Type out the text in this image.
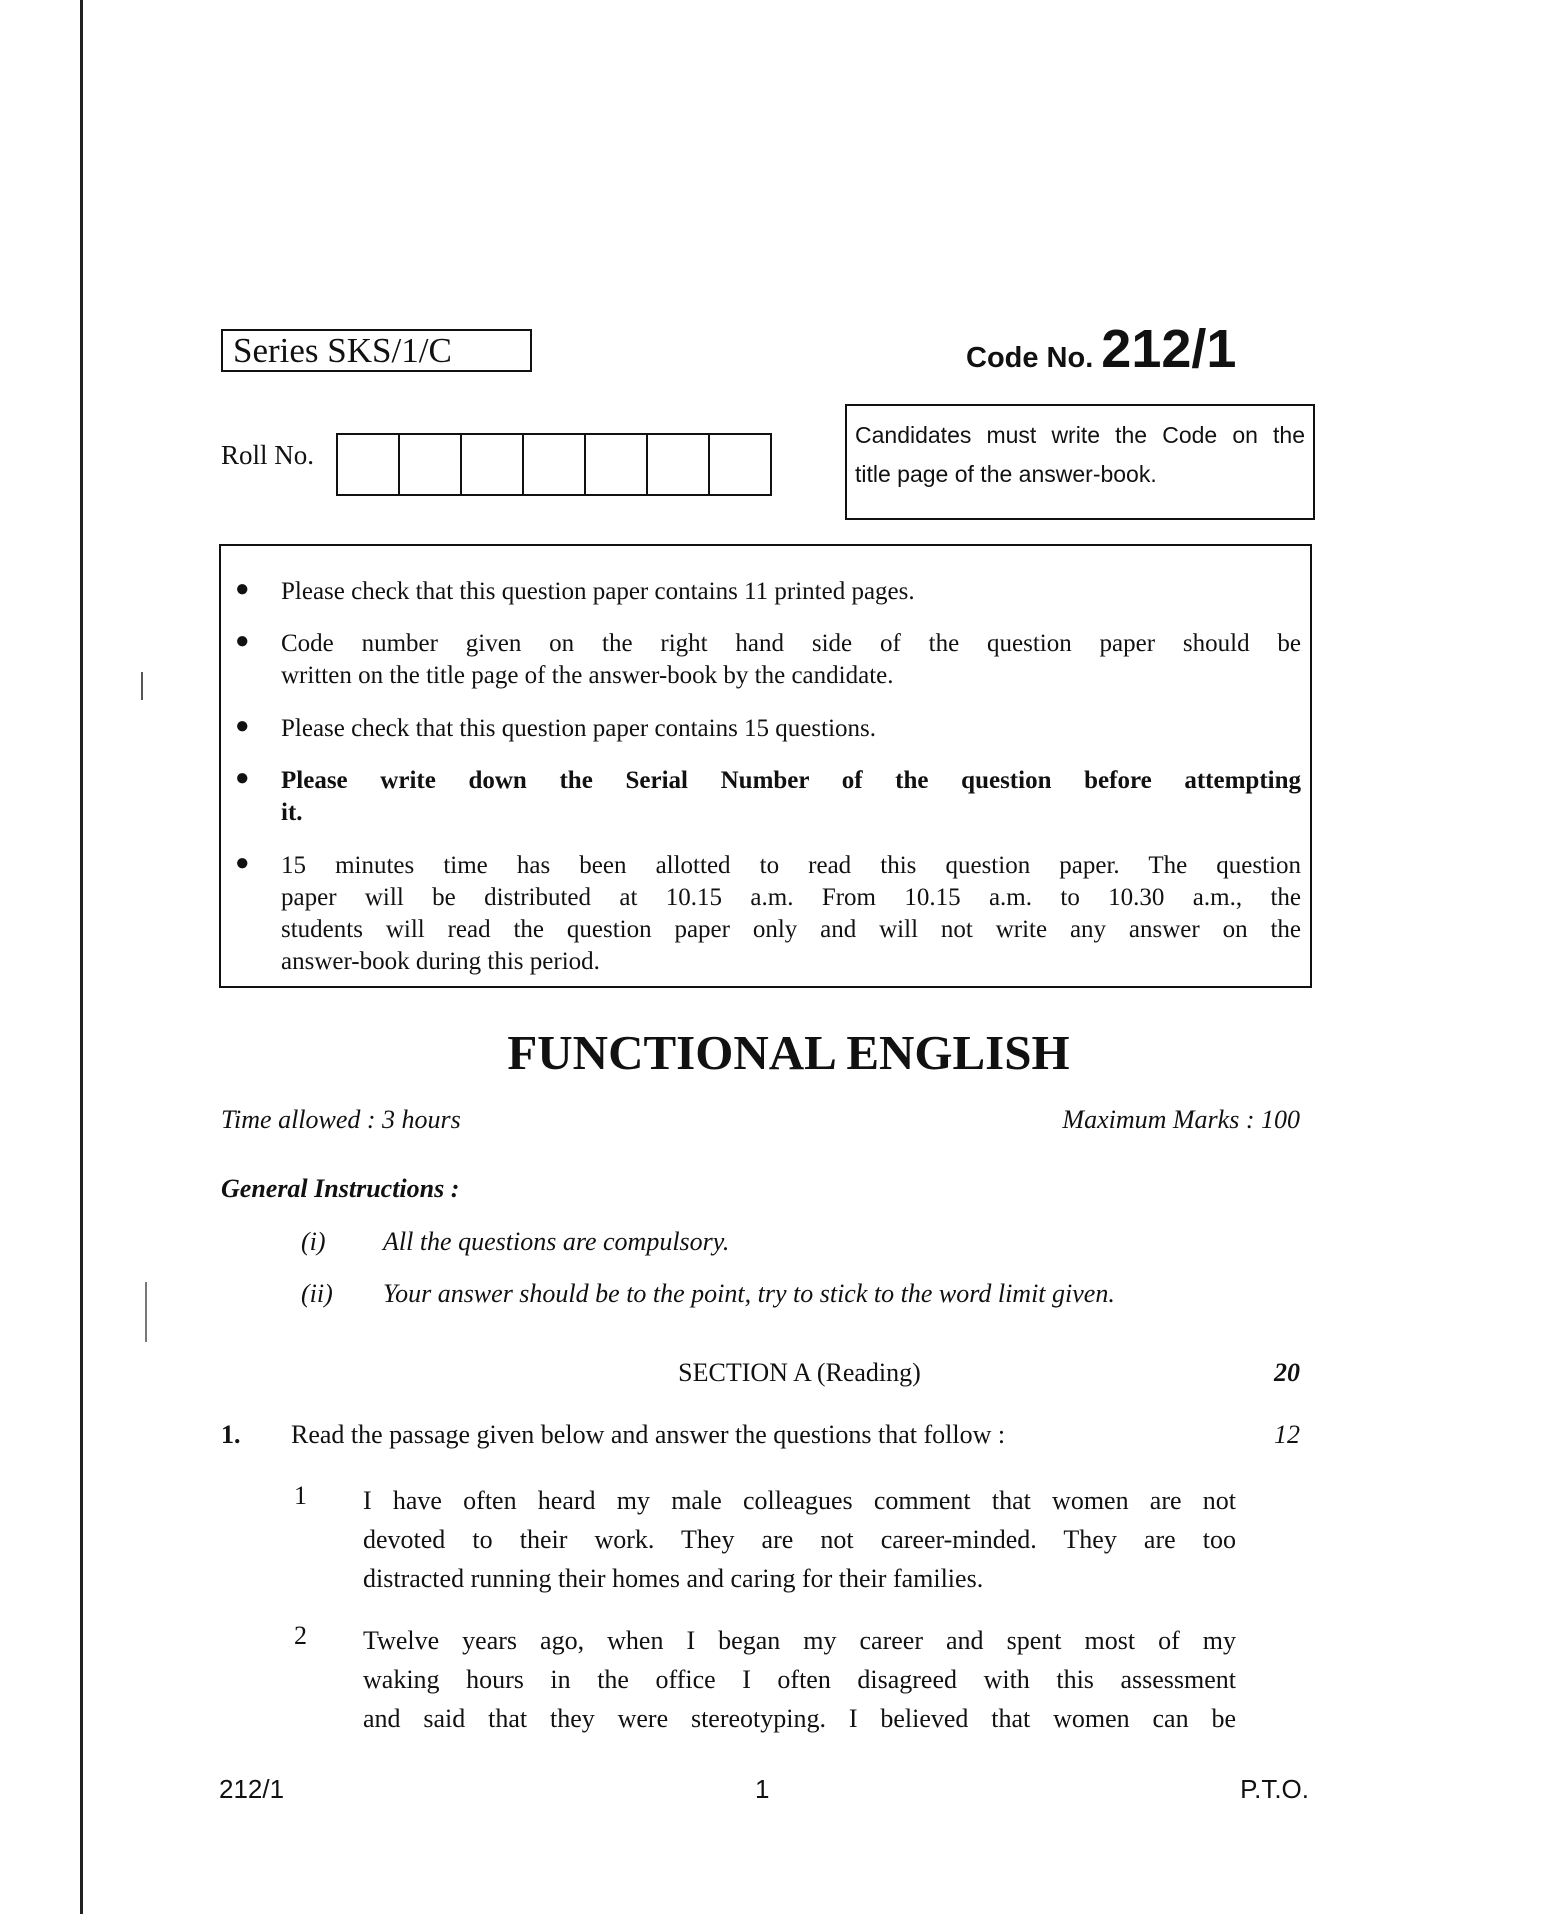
Series SKS/1/C	Code No. 212/1
Roll No.
Candidates must write the Code on the
title page of the answer-book.
● Please check that this question paper contains 11 printed pages.
● Code number given on the right hand side of the question paper should be
written on the title page of the answer-book by the candidate.
● Please check that this question paper contains 15 questions.
● Please write down the Serial Number of the question before attempting
it.
● 15 minutes time has been allotted to read this question paper. The question
paper will be distributed at 10.15 a.m. From 10.15 a.m. to 10.30 a.m., the
students will read the question paper only and will not write any answer on the
answer-book during this period.
FUNCTIONAL ENGLISH
Time allowed : 3 hours	Maximum Marks : 100
General Instructions :
(i) All the questions are compulsory.
(ii) Your answer should be to the point, try to stick to the word limit given.
SECTION A (Reading)	20
1. Read the passage given below and answer the questions that follow :	12
1 I have often heard my male colleagues comment that women are not
devoted to their work. They are not career-minded. They are too
distracted running their homes and caring for their families.
2 Twelve years ago, when I began my career and spent most of my
waking hours in the office I often disagreed with this assessment
and said that they were stereotyping. I believed that women can be
212/1	1	P.T.O.
